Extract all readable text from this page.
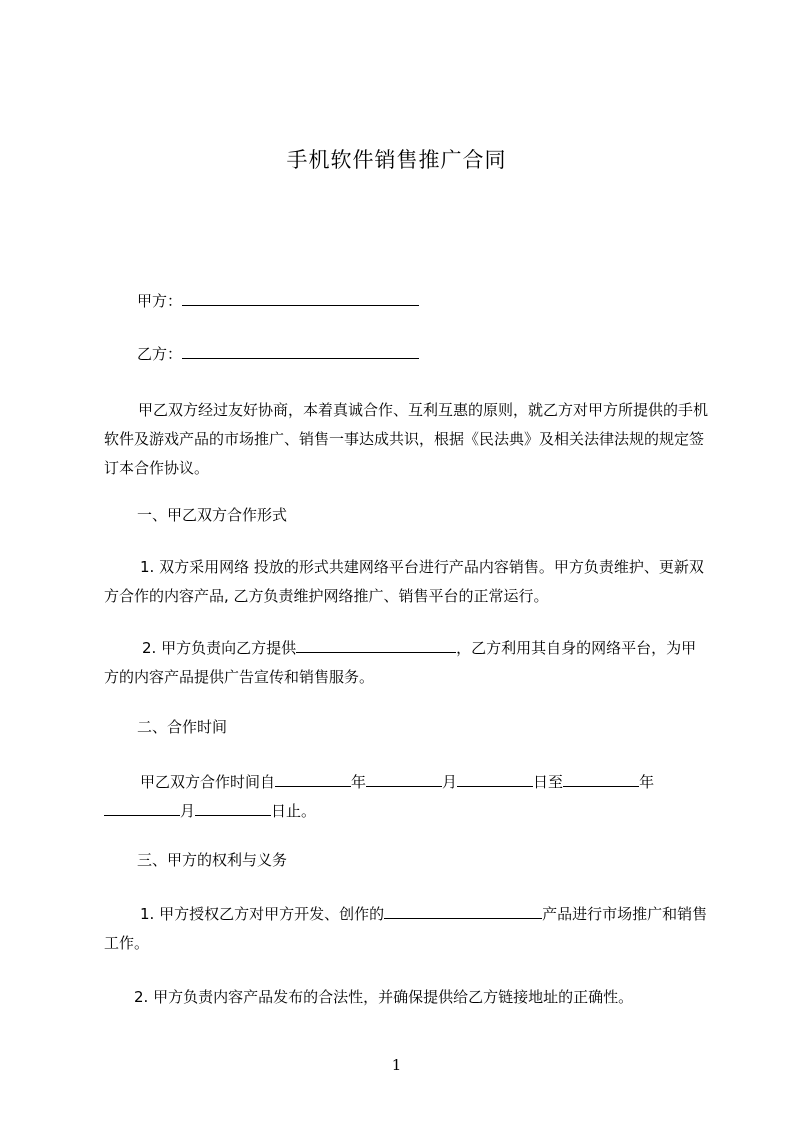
手机软件销售推广合同
甲方：
乙方：
甲乙双方经过友好协商，本着真诚合作、互利互惠的原则，就乙方对甲方所提供的手机软件及游戏产品的市场推广、销售一事达成共识，根据《民法典》及相关法律法规的规定签订本合作协议。
一、甲乙双方合作形式
1. 双方采用网络 投放的形式共建网络平台进行产品内容销售。甲方负责维护、更新双方合作的内容产品, 乙方负责维护网络推广、销售平台的正常运行。
2. 甲方负责向乙方提供	，乙方利用其自身的网络平台，为甲方的内容产品提供广告宣传和销售服务。
二、合作时间
甲乙双方合作时间自	年	月	日至	年月	日止。
三、甲方的权利与义务
1. 甲方授权乙方对甲方开发、创作的	产品进行市场推广和销售工作。
2. 甲方负责内容产品发布的合法性，并确保提供给乙方链接地址的正确性。
1
